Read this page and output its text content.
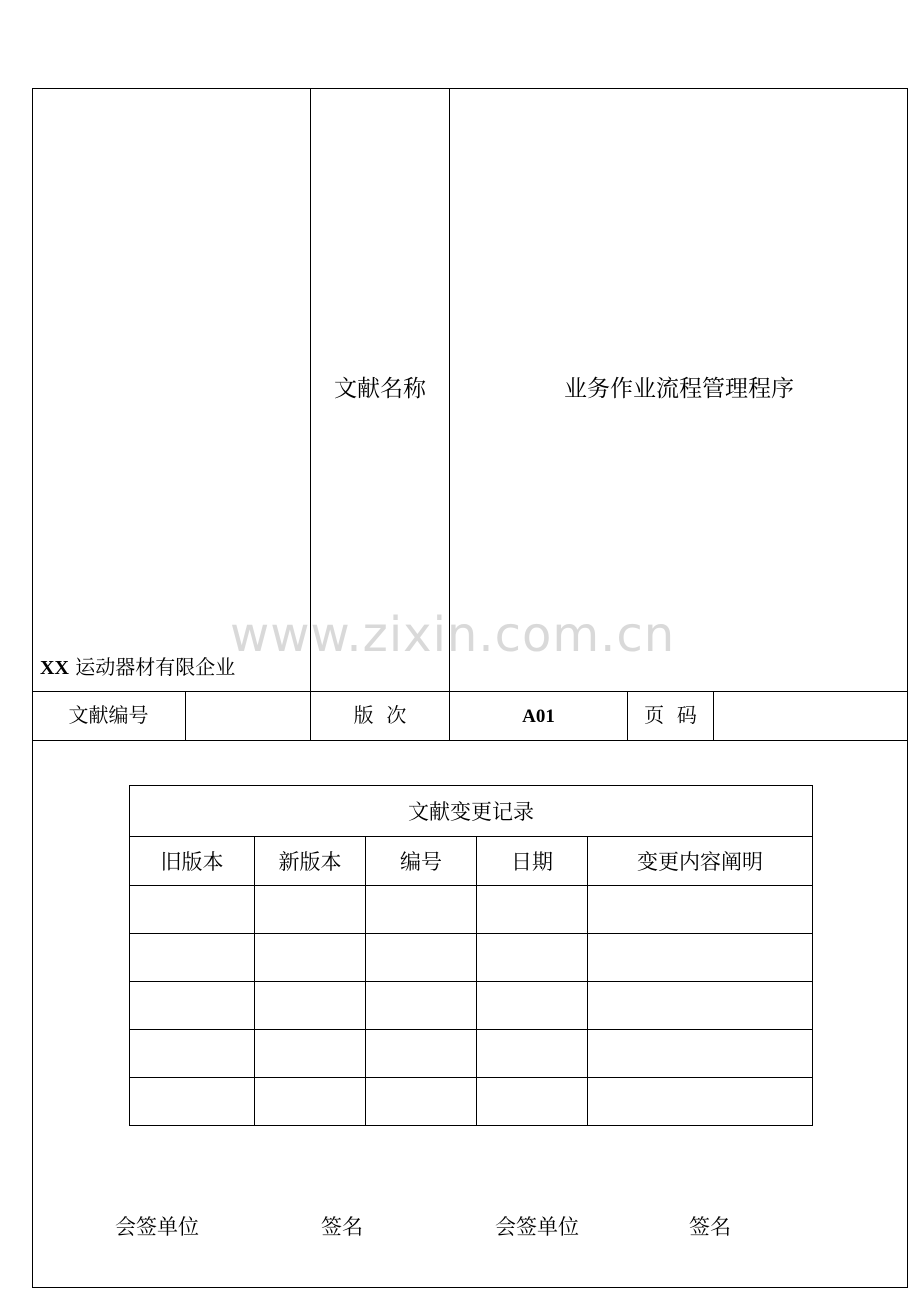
XX 运动器材有限企业
文献名称	业务作业流程管理程序
www.zixin.com.cn
文献编号	版  次	A01	页  码
文献变更记录				
旧版本	新版本	编号	日期	变更内容阐明

会签单位	签名	会签单位	签名
